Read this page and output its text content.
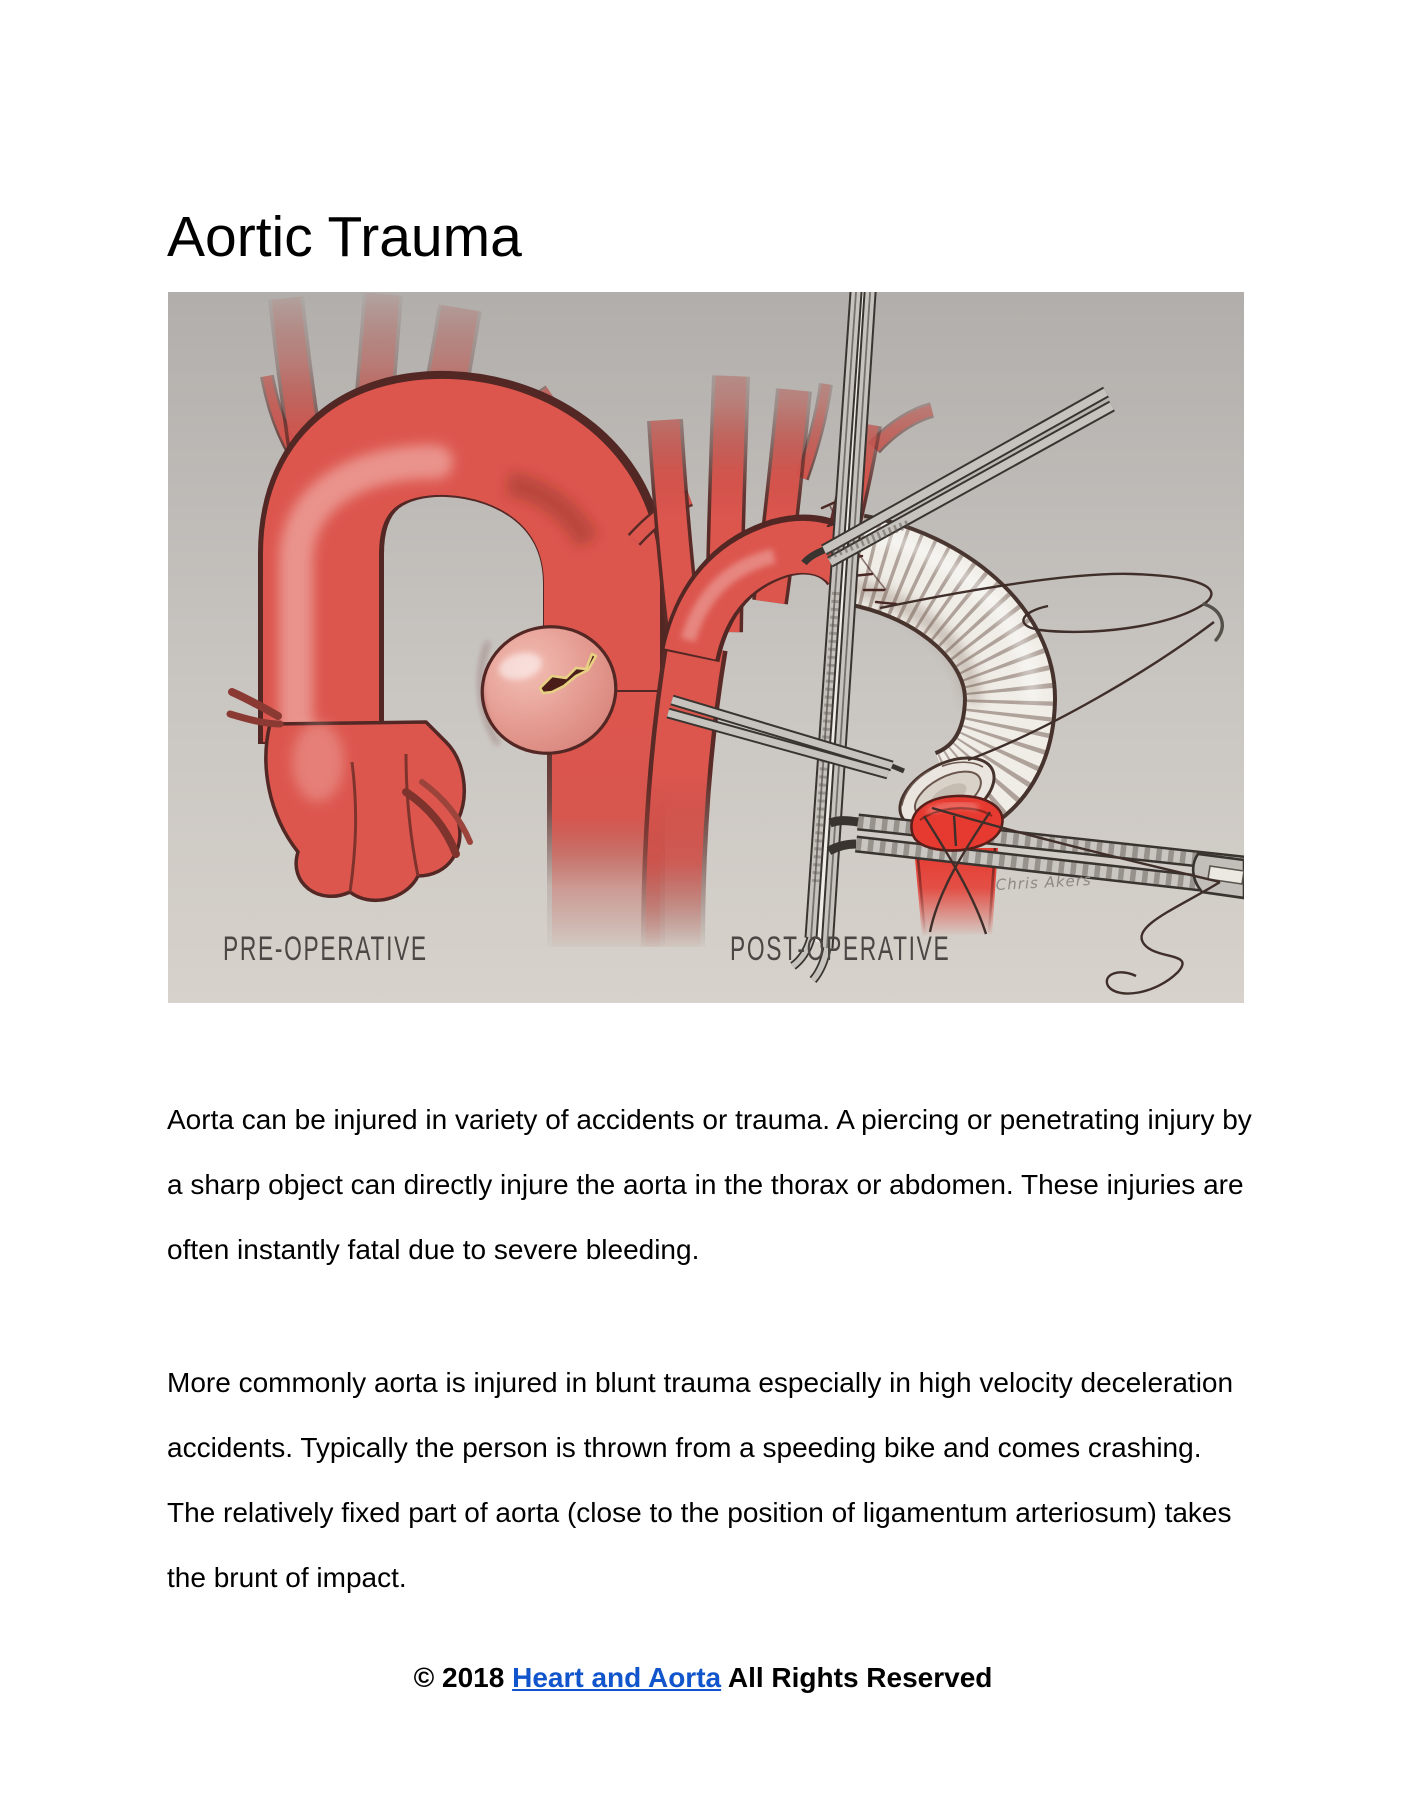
Aortic Trauma
Chris Akers
PRE-OPERATIVE	POST-OPERATIVE
Aorta can be injured in variety of accidents or trauma. A piercing or penetrating injury by
a sharp object can directly injure the aorta in the thorax or abdomen. These injuries are
often instantly fatal due to severe bleeding.
More commonly aorta is injured in blunt trauma especially in high velocity deceleration
accidents. Typically the person is thrown from a speeding bike and comes crashing.
The relatively fixed part of aorta (close to the position of ligamentum arteriosum) takes
the brunt of impact.
© 2018 Heart and Aorta All Rights Reserved
